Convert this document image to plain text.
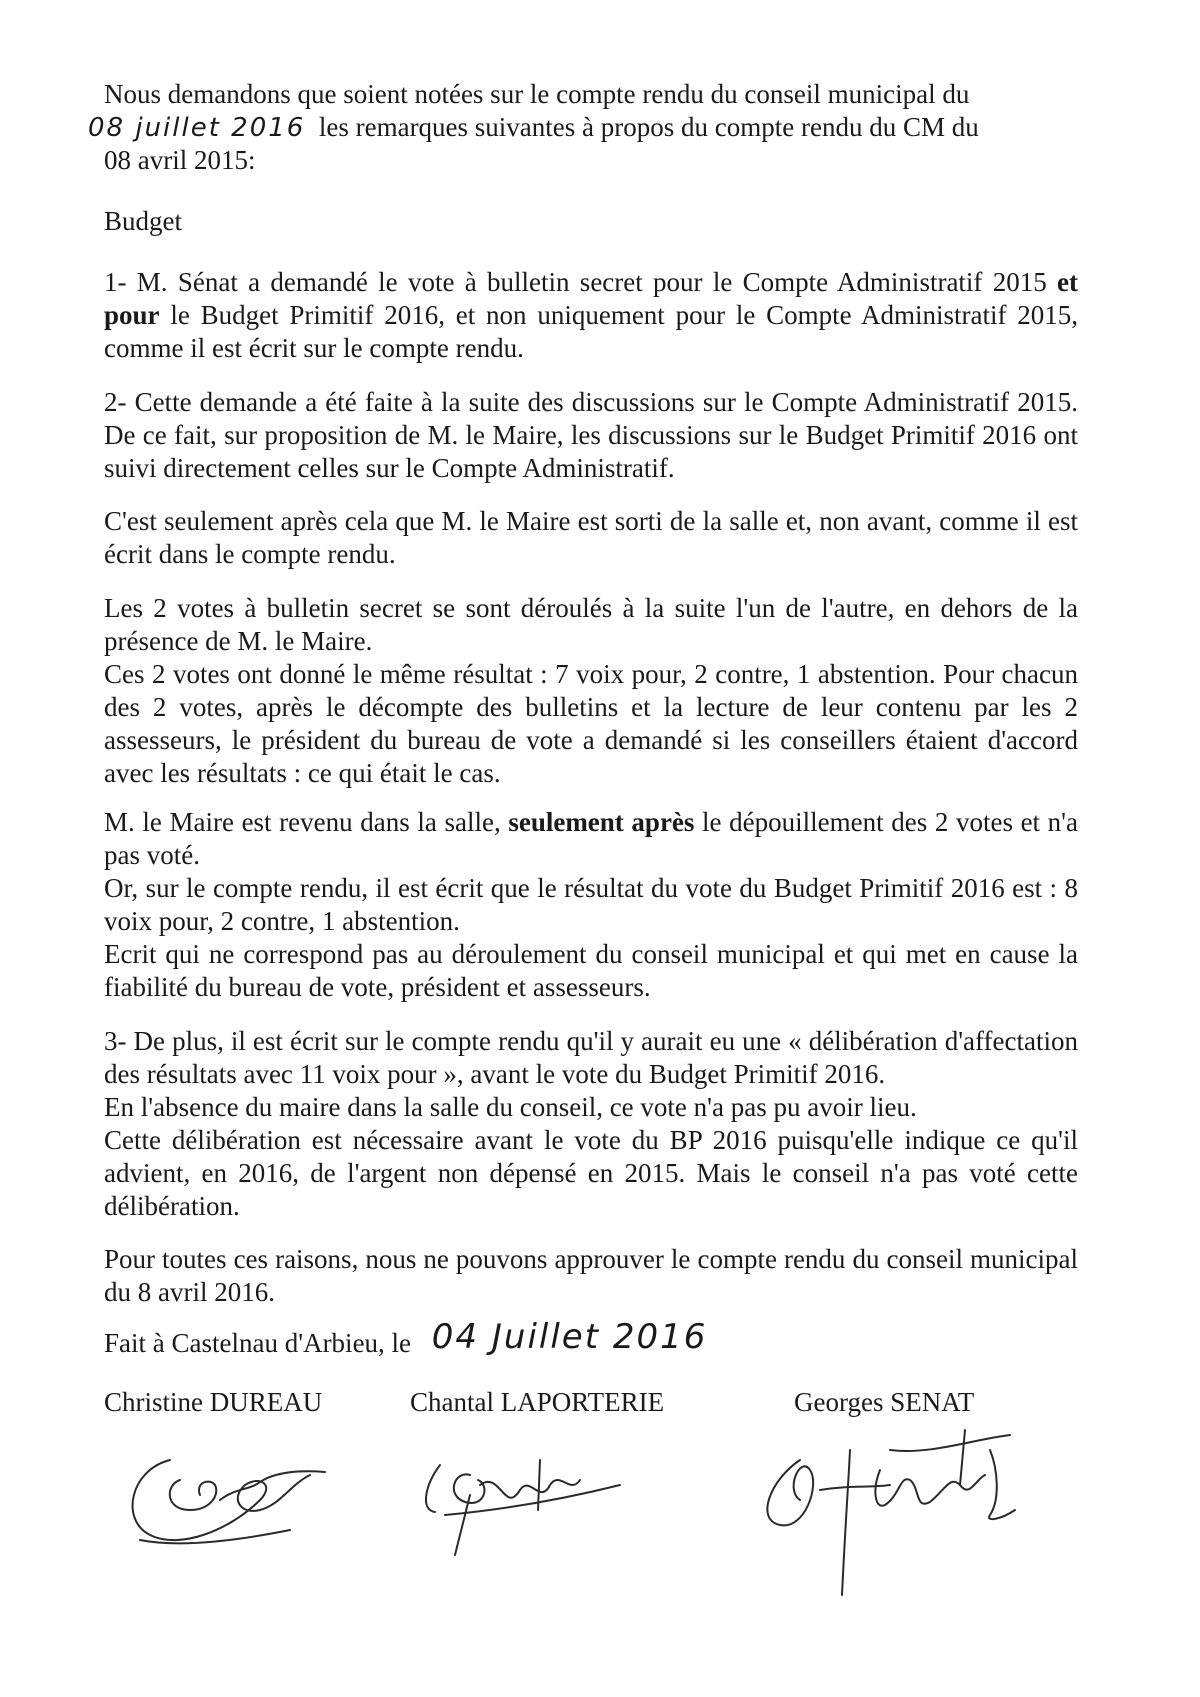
Nous demandons que soient notées sur le compte rendu du conseil municipal du

08 juillet 2016 les remarques suivantes à propos du compte rendu du CM du

08 avril 2015:

Budget

1- M. Sénat a demandé le vote à bulletin secret pour le Compte Administratif 2015 et pour le Budget Primitif 2016, et non uniquement pour le Compte Administratif 2015, comme il est écrit sur le compte rendu.

2- Cette demande a été faite à la suite des discussions sur le Compte Administratif 2015. De ce fait, sur proposition de M. le Maire, les discussions sur le Budget Primitif 2016 ont suivi directement celles sur le Compte Administratif.

C'est seulement après cela que M. le Maire est sorti de la salle et, non avant, comme il est écrit dans le compte rendu.

Les 2 votes à bulletin secret se sont déroulés à la suite l'un de l'autre, en dehors de la présence de M. le Maire.

Ces 2 votes ont donné le même résultat : 7 voix pour, 2 contre, 1 abstention. Pour chacun des 2 votes, après le décompte des bulletins et la lecture de leur contenu par les 2 assesseurs, le président du bureau de vote a demandé si les conseillers étaient d'accord avec les résultats : ce qui était le cas.

M. le Maire est revenu dans la salle, seulement après le dépouillement des 2 votes et n'a pas voté.

Or, sur le compte rendu, il est écrit que le résultat du vote du Budget Primitif 2016 est : 8 voix pour, 2 contre, 1 abstention.

Ecrit qui ne correspond pas au déroulement du conseil municipal et qui met en cause la fiabilité du bureau de vote, président et assesseurs.

3- De plus, il est écrit sur le compte rendu qu'il y aurait eu une « délibération d'affectation des résultats avec 11 voix pour », avant le vote du Budget Primitif 2016.

En l'absence du maire dans la salle du conseil, ce vote n'a pas pu avoir lieu.

Cette délibération est nécessaire avant le vote du BP 2016 puisqu'elle indique ce qu'il advient, en 2016, de l'argent non dépensé en 2015. Mais le conseil n'a pas voté cette délibération.

Pour toutes ces raisons, nous ne pouvons approuver le compte rendu du conseil municipal du 8 avril 2016.

Fait à Castelnau d'Arbieu, le 04 Juillet 2016

Christine DUREAU	Chantal LAPORTERIE	Georges SENAT
